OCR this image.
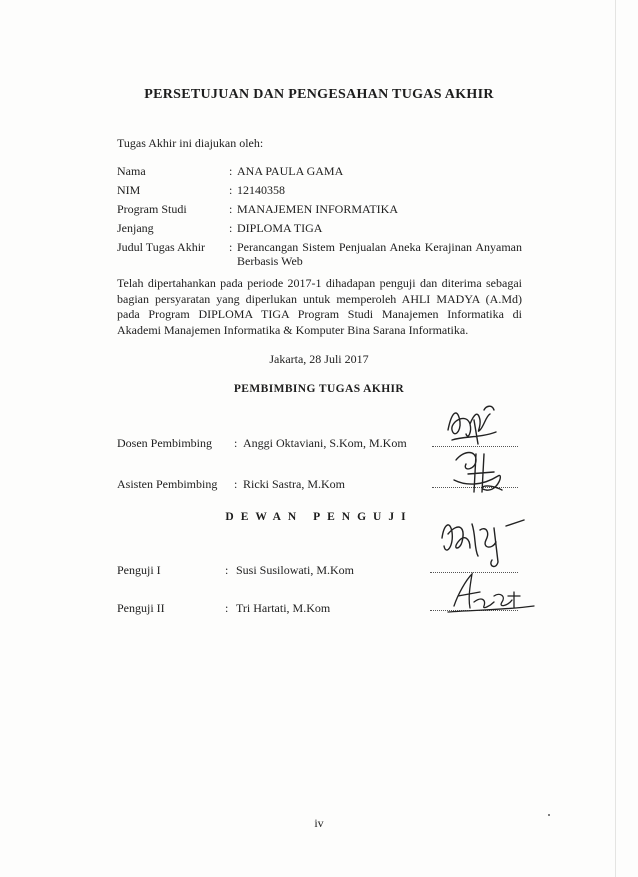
PERSETUJUAN DAN PENGESAHAN TUGAS AKHIR
Tugas Akhir ini diajukan oleh:
Nama	: ANA PAULA GAMA
NIM	: 12140358
Program Studi	: MANAJEMEN INFORMATIKA
Jenjang	: DIPLOMA TIGA
Judul Tugas Akhir	: Perancangan Sistem Penjualan Aneka Kerajinan Anyaman Berbasis Web
Telah dipertahankan pada periode 2017-1 dihadapan penguji dan diterima sebagai bagian persyaratan yang diperlukan untuk memperoleh AHLI MADYA (A.Md) pada Program DIPLOMA TIGA Program Studi Manajemen Informatika di Akademi Manajemen Informatika & Komputer Bina Sarana Informatika.
Jakarta, 28 Juli 2017
PEMBIMBING TUGAS AKHIR
Dosen Pembimbing	: Anggi Oktaviani, S.Kom, M.Kom
Asisten Pembimbing	: Ricki Sastra, M.Kom
DEWAN PENGUJI
Penguji I	: Susi Susilowati, M.Kom
Penguji II	: Tri Hartati, M.Kom
iv
